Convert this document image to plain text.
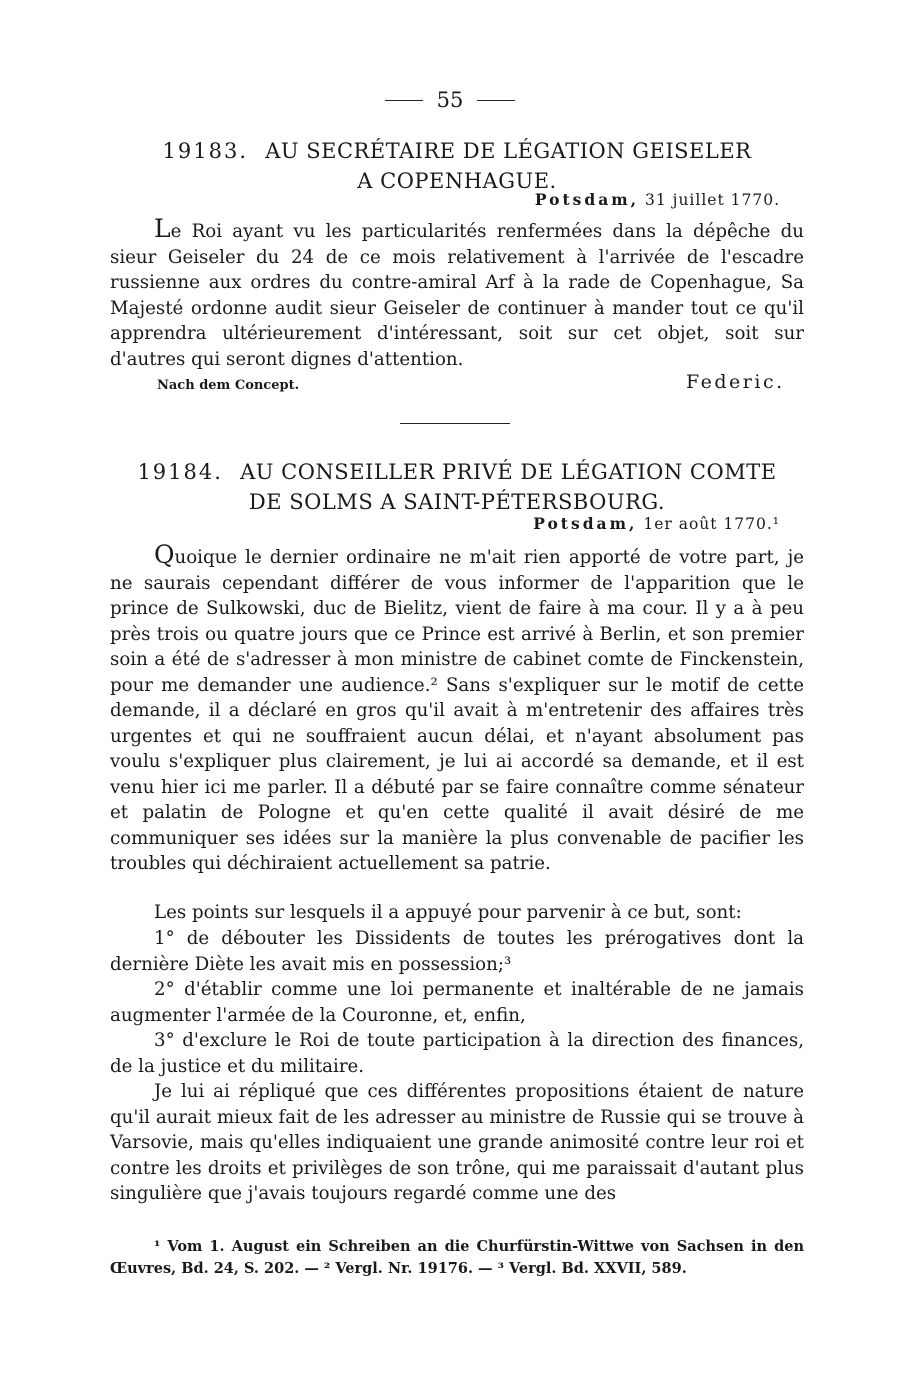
55
19183. AU SECRÉTAIRE DE LÉGATION GEISELER
A COPENHAGUE.
Potsdam, 31 juillet 1770.

Le Roi ayant vu les particularités renfermées dans la dépêche du sieur Geiseler du 24 de ce mois relativement à l'arrivée de l'escadre russienne aux ordres du contre-amiral Arf à la rade de Copenhague, Sa Majesté ordonne audit sieur Geiseler de continuer à mander tout ce qu'il apprendra ultérieurement d'intéressant, soit sur cet objet, soit sur d'autres qui seront dignes d'attention.

Nach dem Concept.	Federic.
19184. AU CONSEILLER PRIVÉ DE LÉGATION COMTE
DE SOLMS A SAINT-PÉTERSBOURG.
Potsdam, 1er août 1770.¹

Quoique le dernier ordinaire ne m'ait rien apporté de votre part, je ne saurais cependant différer de vous informer de l'apparition que le prince de Sulkowski, duc de Bielitz, vient de faire à ma cour. Il y a à peu près trois ou quatre jours que ce Prince est arrivé à Berlin, et son premier soin a été de s'adresser à mon ministre de cabinet comte de Finckenstein, pour me demander une audience.² Sans s'expliquer sur le motif de cette demande, il a déclaré en gros qu'il avait à m'entretenir des affaires très urgentes et qui ne souffraient aucun délai, et n'ayant absolument pas voulu s'expliquer plus clairement, je lui ai accordé sa demande, et il est venu hier ici me parler. Il a débuté par se faire connaître comme sénateur et palatin de Pologne et qu'en cette qualité il avait désiré de me communiquer ses idées sur la manière la plus convenable de pacifier les troubles qui déchiraient actuellement sa patrie.

Les points sur lesquels il a appuyé pour parvenir à ce but, sont:

1° de débouter les Dissidents de toutes les prérogatives dont la dernière Diète les avait mis en possession;³

2° d'établir comme une loi permanente et inaltérable de ne jamais augmenter l'armée de la Couronne, et, enfin,

3° d'exclure le Roi de toute participation à la direction des finances, de la justice et du militaire.

Je lui ai répliqué que ces différentes propositions étaient de nature qu'il aurait mieux fait de les adresser au ministre de Russie qui se trouve à Varsovie, mais qu'elles indiquaient une grande animosité contre leur roi et contre les droits et privilèges de son trône, qui me paraissait d'autant plus singulière que j'avais toujours regardé comme une des

¹ Vom 1. August ein Schreiben an die Churfürstin-Wittwe von Sachsen in den Œuvres, Bd. 24, S. 202. — ² Vergl. Nr. 19176. — ³ Vergl. Bd. XXVII, 589.
